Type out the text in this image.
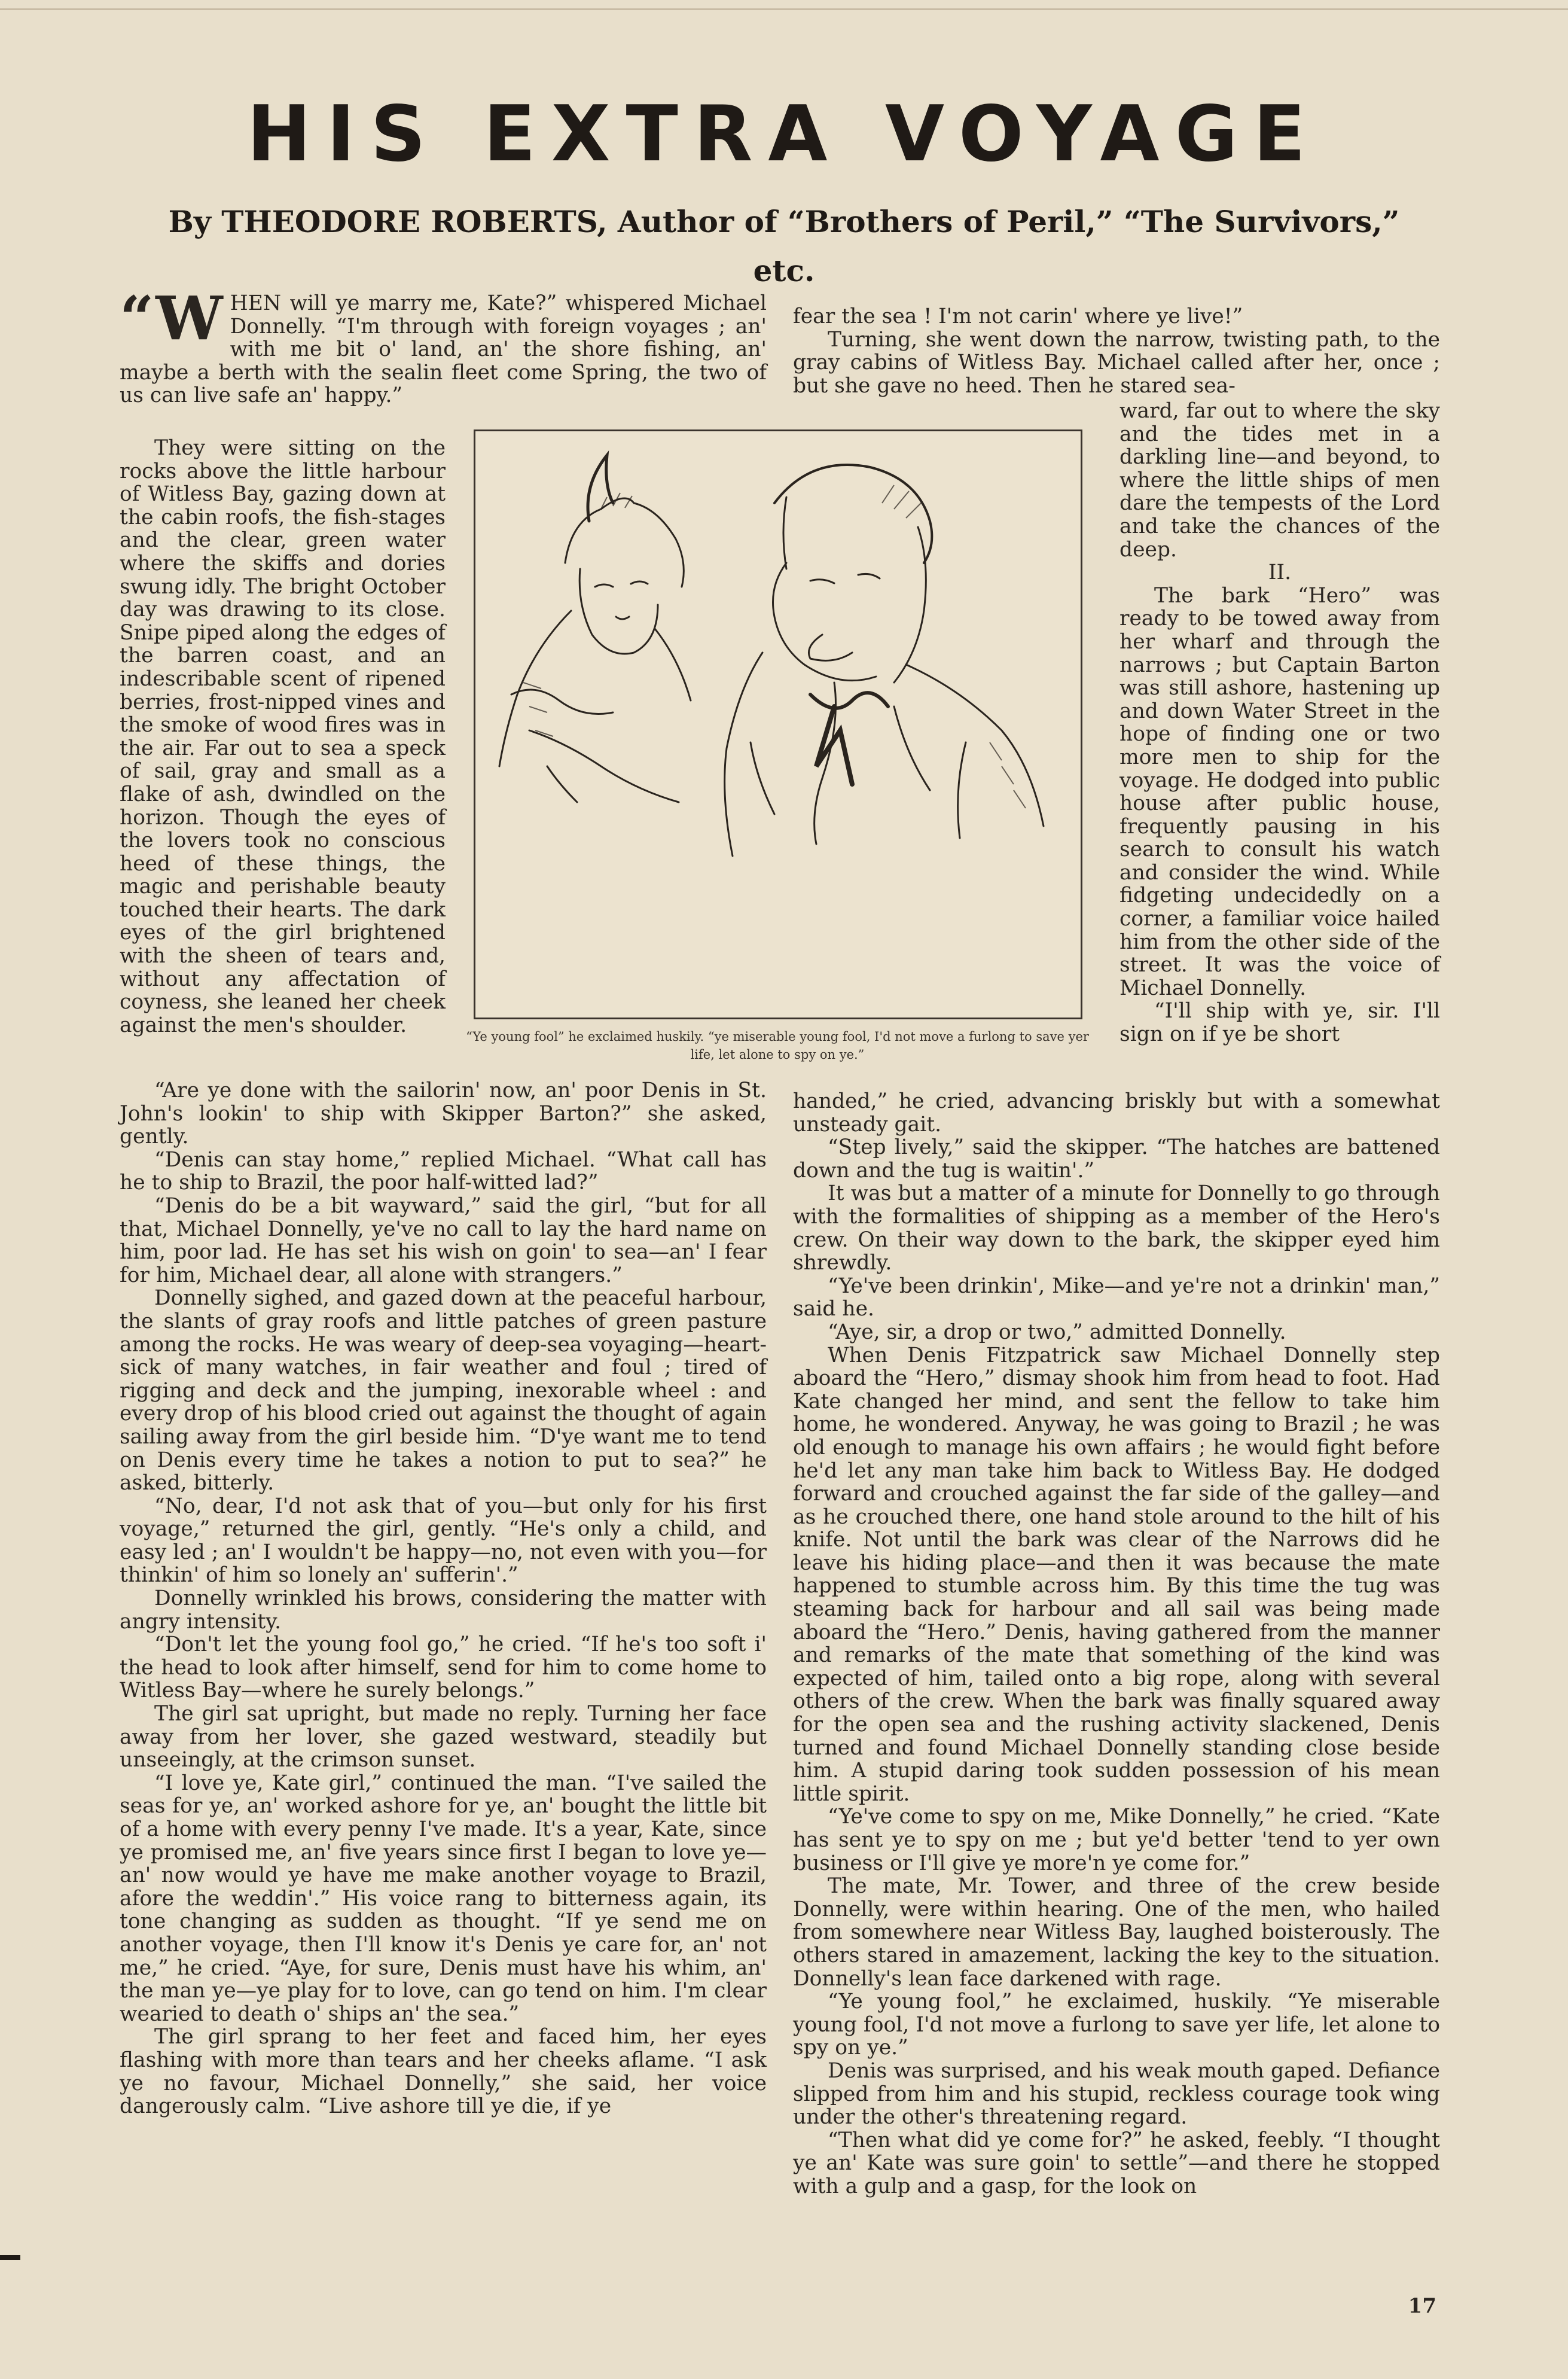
HIS EXTRA VOYAGE
By THEODORE ROBERTS, Author of “Brothers of Peril,” “The Survivors,” etc.

“WHEN will ye marry me, Kate?” whispered Michael Donnelly. “I'm through with foreign voyages ; an' with me bit o' land, an' the shore fishing, an' maybe a berth with the sealin fleet come Spring, the two of us can live safe an' happy.”

They were sitting on the rocks above the little harbour of Witless Bay, gazing down at the cabin roofs, the fish-stages and the clear, green water where the skiffs and dories swung idly. The bright October day was drawing to its close. Snipe piped along the edges of the barren coast, and an indescribable scent of ripened berries, frost-nipped vines and the smoke of wood fires was in the air. Far out to sea a speck of sail, gray and small as a flake of ash, dwindled on the horizon. Though the eyes of the lovers took no conscious heed of these things, the magic and perishable beauty touched their hearts. The dark eyes of the girl brightened with the sheen of tears and, without any affectation of coyness, she leaned her cheek against the men's shoulder.

“Are ye done with the sailorin' now, an' poor Denis in St. John's lookin' to ship with Skipper Barton?” she asked, gently.

“Denis can stay home,” replied Michael. “What call has he to ship to Brazil, the poor half-witted lad?”

“Denis do be a bit wayward,” said the girl, “but for all that, Michael Donnelly, ye've no call to lay the hard name on him, poor lad. He has set his wish on goin' to sea—an' I fear for him, Michael dear, all alone with strangers.”

Donnelly sighed, and gazed down at the peaceful harbour, the slants of gray roofs and little patches of green pasture among the rocks. He was weary of deep-sea voyaging—heart-sick of many watches, in fair weather and foul ; tired of rigging and deck and the jumping, inexorable wheel : and every drop of his blood cried out against the thought of again sailing away from the girl beside him. “D'ye want me to tend on Denis every time he takes a notion to put to sea?” he asked, bitterly.

“No, dear, I'd not ask that of you—but only for his first voyage,” returned the girl, gently. “He's only a child, and easy led ; an' I wouldn't be happy—no, not even with you—for thinkin' of him so lonely an' sufferin'.”

Donnelly wrinkled his brows, considering the matter with angry intensity.

“Don't let the young fool go,” he cried. “If he's too soft i' the head to look after himself, send for him to come home to Witless Bay—where he surely belongs.”

The girl sat upright, but made no reply. Turning her face away from her lover, she gazed westward, steadily but unseeingly, at the crimson sunset.

“I love ye, Kate girl,” continued the man. “I've sailed the seas for ye, an' worked ashore for ye, an' bought the little bit of a home with every penny I've made. It's a year, Kate, since ye promised me, an' five years since first I began to love ye—an' now would ye have me make another voyage to Brazil, afore the weddin'.” His voice rang to bitterness again, its tone changing as sudden as thought. “If ye send me on another voyage, then I'll know it's Denis ye care for, an' not me,” he cried. “Aye, for sure, Denis must have his whim, an' the man ye—ye play for to love, can go tend on him. I'm clear wearied to death o' ships an' the sea.”

The girl sprang to her feet and faced him, her eyes flashing with more than tears and her cheeks aflame. “I ask ye no favour, Michael Donnelly,” she said, her voice dangerously calm. “Live ashore till ye die, if ye

fear the sea ! I'm not carin' where ye live!”

Turning, she went down the narrow, twisting path, to the gray cabins of Witless Bay. Michael called after her, once ; but she gave no heed. Then he stared sea-

ward, far out to where the sky and the tides met in a darkling line—and beyond, to where the little ships of men dare the tempests of the Lord and take the chances of the deep.

II.

The bark “Hero” was ready to be towed away from her wharf and through the narrows ; but Captain Barton was still ashore, hastening up and down Water Street in the hope of finding one or two more men to ship for the voyage. He dodged into public house after public house, frequently pausing in his search to consult his watch and consider the wind. While fidgeting undecidedly on a corner, a familiar voice hailed him from the other side of the street. It was the voice of Michael Donnelly.

“I'll ship with ye, sir. I'll sign on if ye be short

handed,” he cried, advancing briskly but with a somewhat unsteady gait.

“Step lively,” said the skipper. “The hatches are battened down and the tug is waitin'.”

It was but a matter of a minute for Donnelly to go through with the formalities of shipping as a member of the Hero's crew. On their way down to the bark, the skipper eyed him shrewdly.

“Ye've been drinkin', Mike—and ye're not a drinkin' man,” said he.

“Aye, sir, a drop or two,” admitted Donnelly.

When Denis Fitzpatrick saw Michael Donnelly step aboard the “Hero,” dismay shook him from head to foot. Had Kate changed her mind, and sent the fellow to take him home, he wondered. Anyway, he was going to Brazil ; he was old enough to manage his own affairs ; he would fight before he'd let any man take him back to Witless Bay. He dodged forward and crouched against the far side of the galley—and as he crouched there, one hand stole around to the hilt of his knife. Not until the bark was clear of the Narrows did he leave his hiding place—and then it was because the mate happened to stumble across him. By this time the tug was steaming back for harbour and all sail was being made aboard the “Hero.” Denis, having gathered from the manner and remarks of the mate that something of the kind was expected of him, tailed onto a big rope, along with several others of the crew. When the bark was finally squared away for the open sea and the rushing activity slackened, Denis turned and found Michael Donnelly standing close beside him. A stupid daring took sudden possession of his mean little spirit.

“Ye've come to spy on me, Mike Donnelly,” he cried. “Kate has sent ye to spy on me ; but ye'd better 'tend to yer own business or I'll give ye more'n ye come for.”

The mate, Mr. Tower, and three of the crew beside Donnelly, were within hearing. One of the men, who hailed from somewhere near Witless Bay, laughed boisterously. The others stared in amazement, lacking the key to the situation. Donnelly's lean face darkened with rage.

“Ye young fool,” he exclaimed, huskily. “Ye miserable young fool, I'd not move a furlong to save yer life, let alone to spy on ye.”

Denis was surprised, and his weak mouth gaped. Defiance slipped from him and his stupid, reckless courage took wing under the other's threatening regard.

“Then what did ye come for?” he asked, feebly. “I thought ye an' Kate was sure goin' to settle”—and there he stopped with a gulp and a gasp, for the look on

“Ye young fool” he exclaimed huskily. “ye miserable young fool, I'd not move a furlong to save yer life, let alone to spy on ye.”
17
